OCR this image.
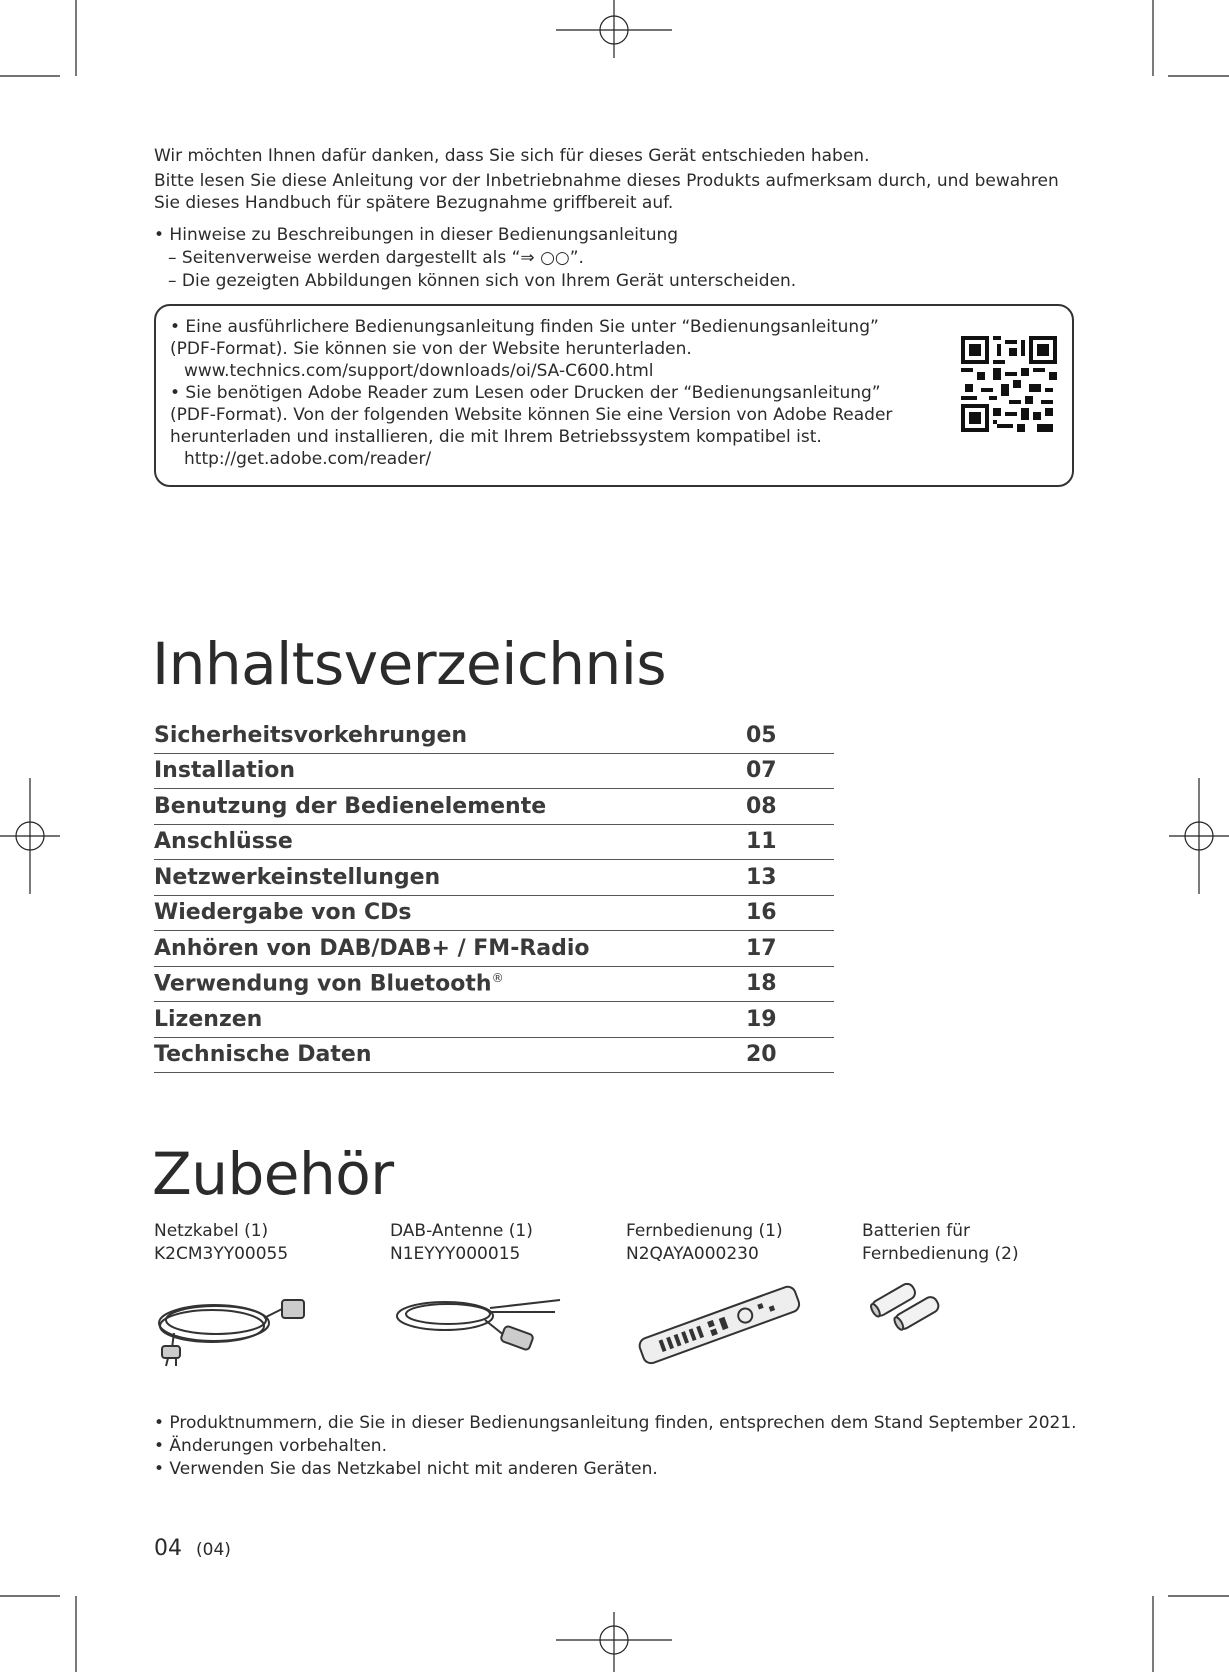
Wir möchten Ihnen dafür danken, dass Sie sich für dieses Gerät entschieden haben.

Bitte lesen Sie diese Anleitung vor der Inbetriebnahme dieses Produkts aufmerksam durch, und bewahren Sie dieses Handbuch für spätere Bezugnahme griffbereit auf.

• Hinweise zu Beschreibungen in dieser Bedienungsanleitung
– Seitenverweise werden dargestellt als “⇒ ○○”.
– Die gezeigten Abbildungen können sich von Ihrem Gerät unterscheiden.
• Eine ausführlichere Bedienungsanleitung finden Sie unter “Bedienungsanleitung” (PDF-Format). Sie können sie von der Website herunterladen.
www.technics.com/support/downloads/oi/SA-C600.html
• Sie benötigen Adobe Reader zum Lesen oder Drucken der “Bedienungsanleitung” (PDF-Format). Von der folgenden Website können Sie eine Version von Adobe Reader herunterladen und installieren, die mit Ihrem Betriebssystem kompatibel ist.
http://get.adobe.com/reader/
Inhaltsverzeichnis
Sicherheitsvorkehrungen	05
Installation	07
Benutzung der Bedienelemente	08
Anschlüsse	11
Netzwerkeinstellungen	13
Wiedergabe von CDs	16
Anhören von DAB/DAB+ / FM-Radio	17
Verwendung von Bluetooth®	18
Lizenzen	19
Technische Daten	20
Zubehör
Netzkabel (1)
K2CM3YY00055
DAB-Antenne (1)
N1EYYY000015
Fernbedienung (1)
N2QAYA000230
Batterien für Fernbedienung (2)
• Produktnummern, die Sie in dieser Bedienungsanleitung finden, entsprechen dem Stand September 2021.
• Änderungen vorbehalten.
• Verwenden Sie das Netzkabel nicht mit anderen Geräten.
04 (04)
